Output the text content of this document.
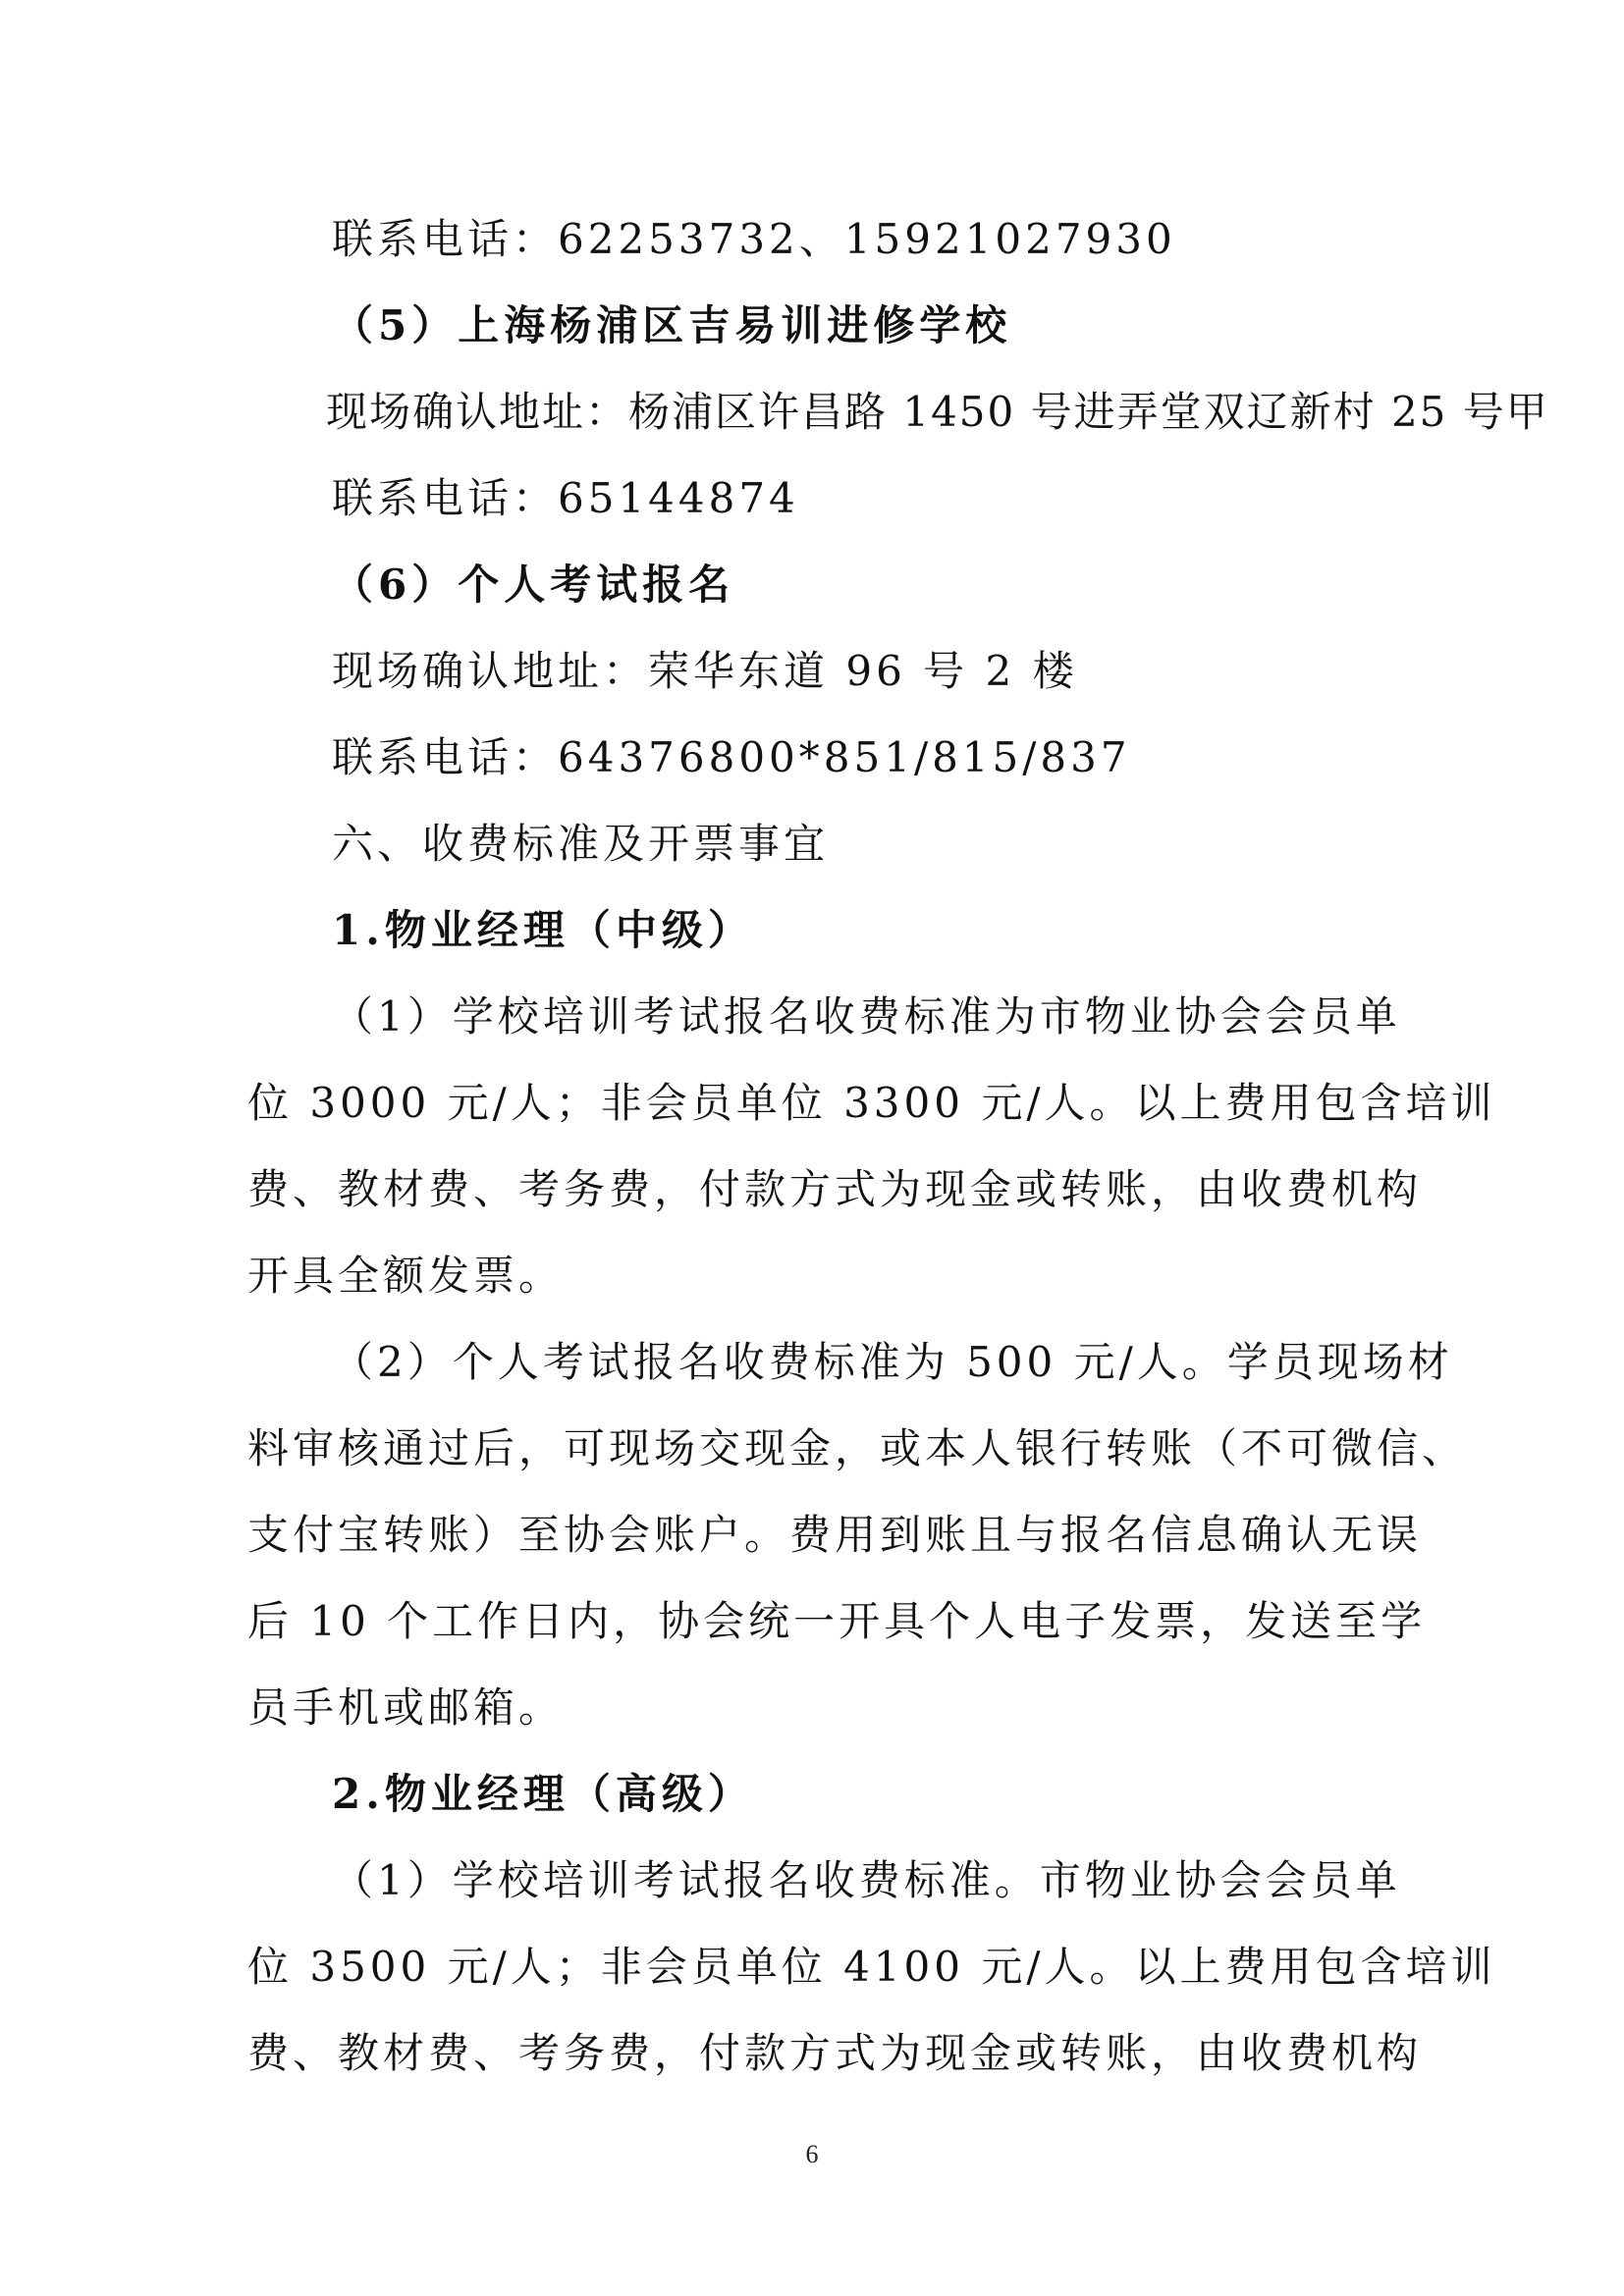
联系电话：62253732、15921027930
（5）上海杨浦区吉易训进修学校
现场确认地址：杨浦区许昌路 1450 号进弄堂双辽新村 25 号甲
联系电话：65144874
（6）个人考试报名
现场确认地址：荣华东道 96 号 2 楼
联系电话：64376800*851/815/837
六、收费标准及开票事宜
1.物业经理（中级）
（1）学校培训考试报名收费标准为市物业协会会员单
位 3000 元/人；非会员单位 3300 元/人。以上费用包含培训
费、教材费、考务费，付款方式为现金或转账，由收费机构
开具全额发票。
（2）个人考试报名收费标准为 500 元/人。学员现场材
料审核通过后，可现场交现金，或本人银行转账（不可微信、
支付宝转账）至协会账户。费用到账且与报名信息确认无误
后 10 个工作日内，协会统一开具个人电子发票，发送至学
员手机或邮箱。
2.物业经理（高级）
（1）学校培训考试报名收费标准。市物业协会会员单
位 3500 元/人；非会员单位 4100 元/人。以上费用包含培训
费、教材费、考务费，付款方式为现金或转账，由收费机构
6
